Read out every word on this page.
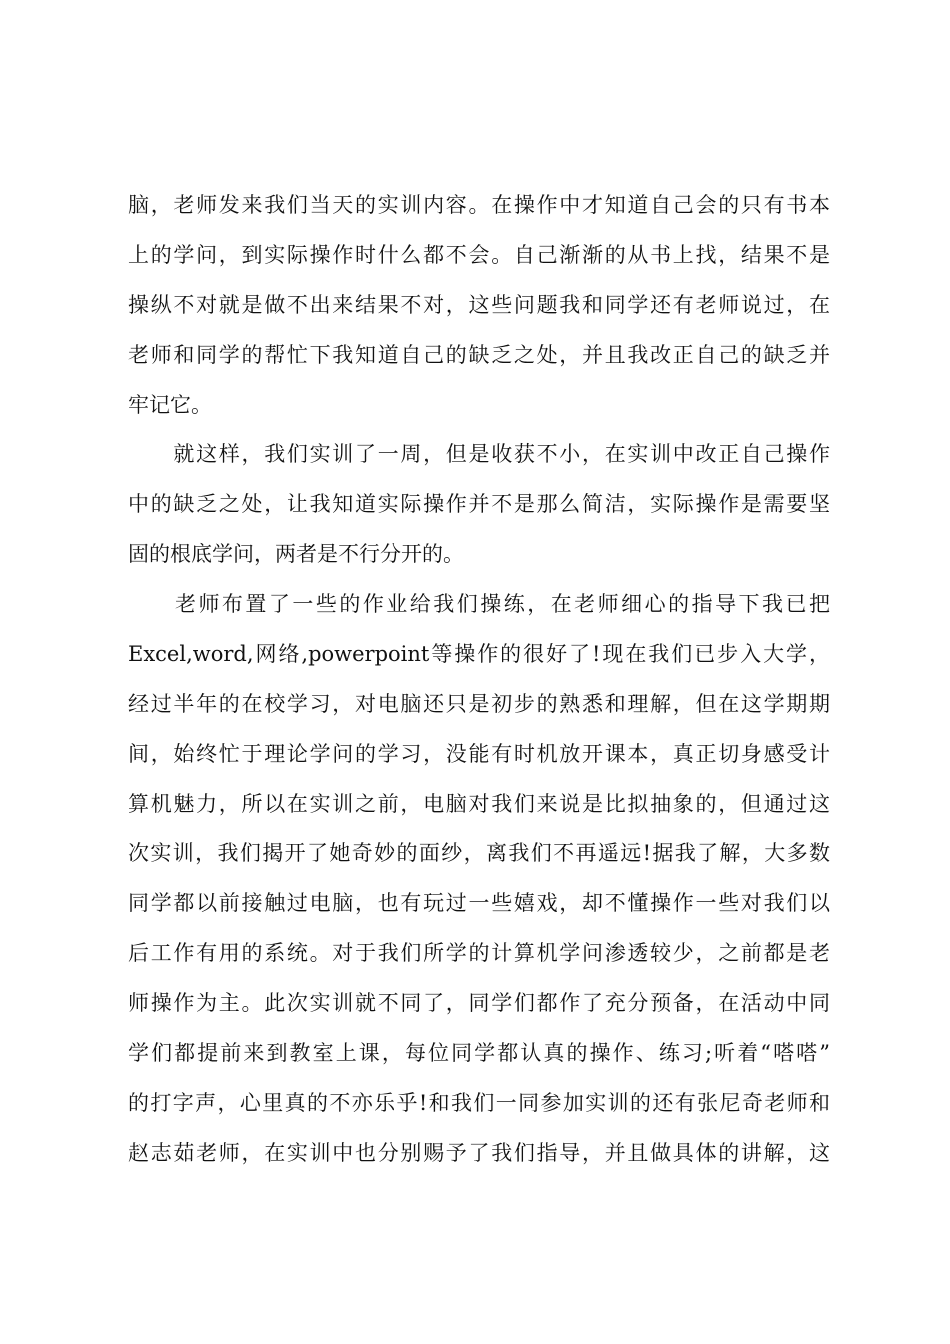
脑，老师发来我们当天的实训内容。在操作中才知道自己会的只有书本
上的学问，到实际操作时什么都不会。自己渐渐的从书上找，结果不是
操纵不对就是做不出来结果不对，这些问题我和同学还有老师说过，在
老师和同学的帮忙下我知道自己的缺乏之处，并且我改正自己的缺乏并
牢记它。
　　就这样，我们实训了一周，但是收获不小，在实训中改正自己操作
中的缺乏之处，让我知道实际操作并不是那么简洁，实际操作是需要坚
固的根底学问，两者是不行分开的。
　　老师布置了一些的作业给我们操练，在老师细心的指导下我已把
Excel,word,网络,powerpoint等操作的很好了!现在我们已步入大学，
经过半年的在校学习，对电脑还只是初步的熟悉和理解，但在这学期期
间，始终忙于理论学问的学习，没能有时机放开课本，真正切身感受计
算机魅力，所以在实训之前，电脑对我们来说是比拟抽象的，但通过这
次实训，我们揭开了她奇妙的面纱，离我们不再遥远!据我了解，大多数
同学都以前接触过电脑，也有玩过一些嬉戏，却不懂操作一些对我们以
后工作有用的系统。对于我们所学的计算机学问渗透较少，之前都是老
师操作为主。此次实训就不同了，同学们都作了充分预备，在活动中同
学们都提前来到教室上课，每位同学都认真的操作、练习;听着“嗒嗒”
的打字声，心里真的不亦乐乎!和我们一同参加实训的还有张尼奇老师和
赵志茹老师，在实训中也分别赐予了我们指导，并且做具体的讲解，这
